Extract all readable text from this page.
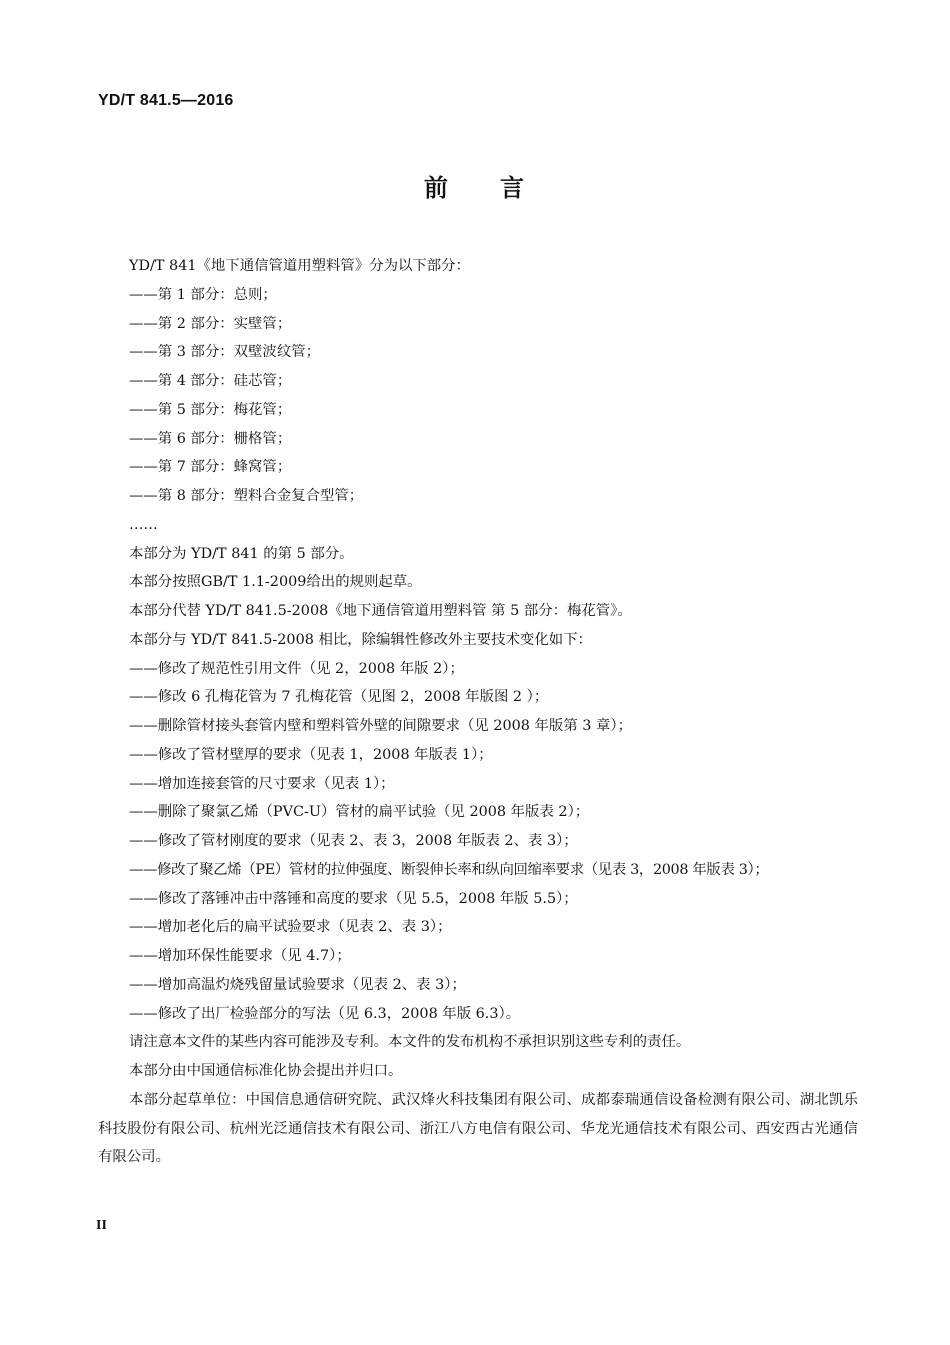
YD/T 841.5—2016
前 言
YD/T 841《地下通信管道用塑料管》分为以下部分：
——第 1 部分：总则；
——第 2 部分：实壁管；
——第 3 部分：双壁波纹管；
——第 4 部分：硅芯管；
——第 5 部分：梅花管；
——第 6 部分：栅格管；
——第 7 部分：蜂窝管；
——第 8 部分：塑料合金复合型管；
……
本部分为 YD/T 841 的第 5 部分。
本部分按照GB/T 1.1-2009给出的规则起草。
本部分代替 YD/T 841.5-2008《地下通信管道用塑料管 第 5 部分：梅花管》。
本部分与 YD/T 841.5-2008 相比，除编辑性修改外主要技术变化如下：
——修改了规范性引用文件（见 2，2008 年版 2）；
——修改 6 孔梅花管为 7 孔梅花管（见图 2，2008 年版图 2 ）；
——删除管材接头套管内壁和塑料管外壁的间隙要求（见 2008 年版第 3 章）；
——修改了管材壁厚的要求（见表 1，2008 年版表 1）；
——增加连接套管的尺寸要求（见表 1）；
——删除了聚氯乙烯（PVC-U）管材的扁平试验（见 2008 年版表 2）；
——修改了管材刚度的要求（见表 2、表 3，2008 年版表 2、表 3）；
——修改了聚乙烯（PE）管材的拉伸强度、断裂伸长率和纵向回缩率要求（见表 3，2008 年版表 3）；
——修改了落锤冲击中落锤和高度的要求（见 5.5，2008 年版 5.5）；
——增加老化后的扁平试验要求（见表 2、表 3）；
——增加环保性能要求（见 4.7）；
——增加高温灼烧残留量试验要求（见表 2、表 3）；
——修改了出厂检验部分的写法（见 6.3，2008 年版 6.3）。
请注意本文件的某些内容可能涉及专利。本文件的发布机构不承担识别这些专利的责任。
本部分由中国通信标准化协会提出并归口。
本部分起草单位：中国信息通信研究院、武汉烽火科技集团有限公司、成都泰瑞通信设备检测有限公司、湖北凯乐科技股份有限公司、杭州光泛通信技术有限公司、浙江八方电信有限公司、华龙光通信技术有限公司、西安西古光通信有限公司。
II
